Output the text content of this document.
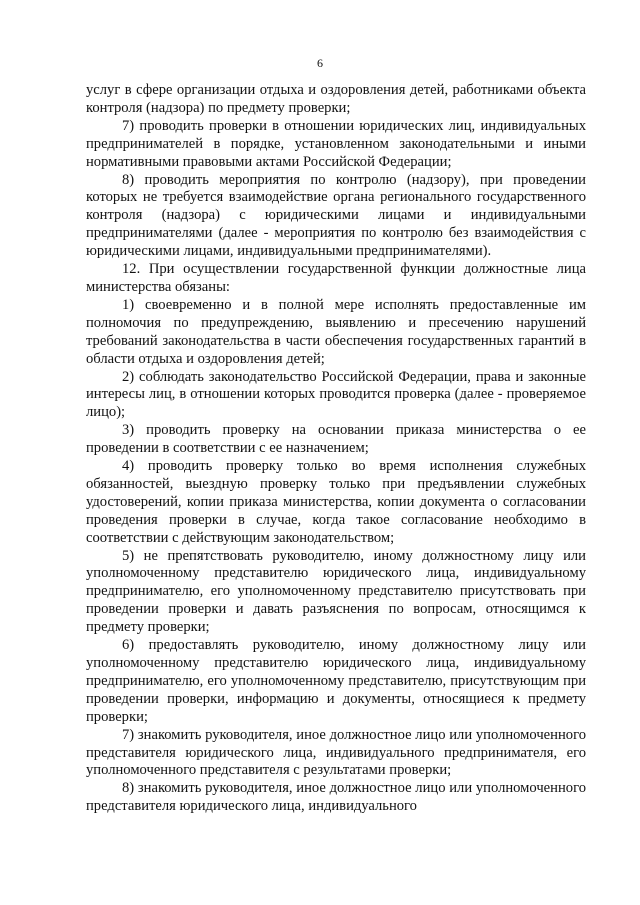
6

услуг в сфере организации отдыха и оздоровления детей, работниками объекта контроля (надзора) по предмету проверки;

7) проводить проверки в отношении юридических лиц, индивидуальных предпринимателей в порядке, установленном законодательными и иными нормативными правовыми актами Российской Федерации;

8) проводить мероприятия по контролю (надзору), при проведении которых не требуется взаимодействие органа регионального государственного контроля (надзора) с юридическими лицами и индивидуальными предпринимателями (далее - мероприятия по контролю без взаимодействия с юридическими лицами, индивидуальными предпринимателями).

12. При осуществлении государственной функции должностные лица министерства обязаны:

1) своевременно и в полной мере исполнять предоставленные им полномочия по предупреждению, выявлению и пресечению нарушений требований законодательства в части обеспечения государственных гарантий в области отдыха и оздоровления детей;

2) соблюдать законодательство Российской Федерации, права и законные интересы лиц, в отношении которых проводится проверка (далее - проверяемое лицо);

3) проводить проверку на основании приказа министерства о ее проведении в соответствии с ее назначением;

4) проводить проверку только во время исполнения служебных обязанностей, выездную проверку только при предъявлении служебных удостоверений, копии приказа министерства, копии документа о согласовании проведения проверки в случае, когда такое согласование необходимо в соответствии с действующим законодательством;

5) не препятствовать руководителю, иному должностному лицу или уполномоченному представителю юридического лица, индивидуальному предпринимателю, его уполномоченному представителю присутствовать при проведении проверки и давать разъяснения по вопросам, относящимся к предмету проверки;

6) предоставлять руководителю, иному должностному лицу или уполномоченному представителю юридического лица, индивидуальному предпринимателю, его уполномоченному представителю, присутствующим при проведении проверки, информацию и документы, относящиеся к предмету проверки;

7) знакомить руководителя, иное должностное лицо или уполномоченного представителя юридического лица, индивидуального предпринимателя, его уполномоченного представителя с результатами проверки;

8) знакомить руководителя, иное должностное лицо или уполномоченного представителя юридического лица, индивидуального
